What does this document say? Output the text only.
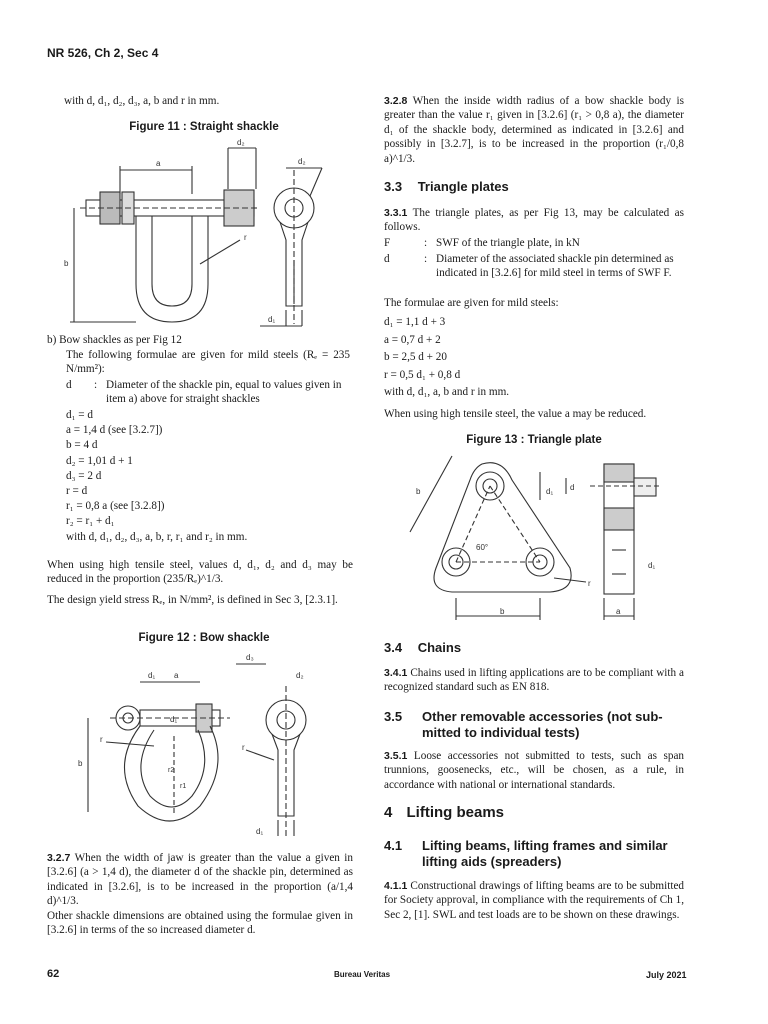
NR 526, Ch 2, Sec 4
with d, d₁, d₂, d₃, a, b and r in mm.
Figure 11 : Straight shackle
d₂
a
b
r
d₂
d₁
b) Bow shackles as per Fig 12
The following formulae are given for mild steels (Rₑ = 235 N/mm²):
d	: Diameter of the shackle pin, equal to values given in item a) above for straight shackles

d₁ = d

a = 1,4 d (see [3.2.7])

b = 4 d

d₂ = 1,01 d + 1

d₃ = 2 d

r = d

r₁ = 0,8 a (see [3.2.8])

r₂ = r₁ + d₁

with d, d₁, d₂, d₃, a, b, r, r₁ and r₂ in mm.

When using high tensile steel, values d, d₁, d₂ and d₃ may be reduced in the proportion (235/Rₑ)^1/3.
The design yield stress Rₑ, in N/mm², is defined in Sec 3, [2.3.1].
Figure 12 : Bow shackle
d₃
d₁ a	d₂
d₁
r2
r1
b
r
r
d₁
3.2.7 When the width of jaw is greater than the value a given in [3.2.6] (a > 1,4 d), the diameter d of the shackle pin, determined as indicated in [3.2.6], is to be increased in the proportion (a/1,4 d)^1/3.
Other shackle dimensions are obtained using the formulae given in [3.2.6] in terms of the so increased diameter d.
3.2.8 When the inside width radius of a bow shackle body is greater than the value r₁ given in [3.2.6] (r₁ > 0,8 a), the diameter d₁ of the shackle body, determined as indicated in [3.2.6] and possibly in [3.2.7], is to be increased in the proportion (r₁/0,8 a)^1/3.
3.3 Triangle plates
3.3.1 The triangle plates, as per Fig 13, may be calculated as follows.
F	: SWF of the triangle plate, in kN
d	: Diameter of the associated shackle pin determined as indicated in [3.2.6] for mild steel in terms of SWF F.
The formulae are given for mild steels:

d₁ = 1,1 d + 3

a = 0,7 d + 2

b = 2,5 d + 20

r = 0,5 d₁ + 0,8 d

with d, d₁, a, b and r in mm.

When using high tensile steel, the value a may be reduced.
Figure 13 : Triangle plate
60°
b	d₁ d
r
b
d₁
a
3.4 Chains
3.4.1 Chains used in lifting applications are to be compliant with a recognized standard such as EN 818.
3.5	Other removable accessories (not sub-
mitted to individual tests)
3.5.1 Loose accessories not submitted to tests, such as span trunnions, goosenecks, etc., will be chosen, as a rule, in accordance with national or international standards.
4 Lifting beams
4.1	Lifting beams, lifting frames and similar
lifting aids (spreaders)
4.1.1 Constructional drawings of lifting beams are to be submitted for Society approval, in compliance with the requirements of Ch 1, Sec 2, [1]. SWL and test loads are to be shown on these drawings.
62	Bureau Veritas	July 2021
